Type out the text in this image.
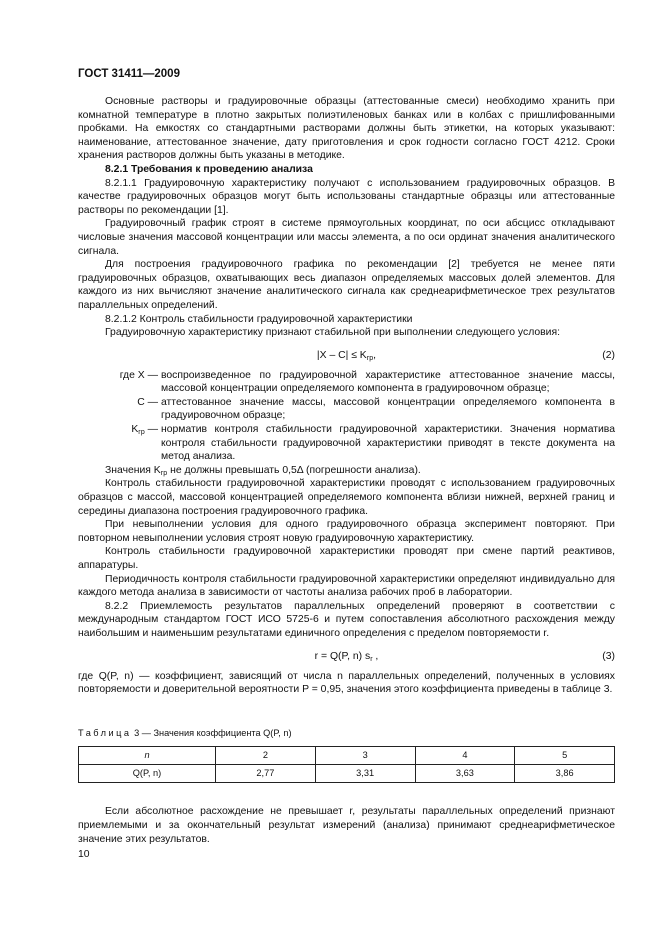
ГОСТ 31411—2009

Основные растворы и градуировочные образцы (аттестованные смеси) необходимо хранить при комнатной температуре в плотно закрытых полиэтиленовых банках или в колбах с пришлифованными пробками. На емкостях со стандартными растворами должны быть этикетки, на которых указывают: наименование, аттестованное значение, дату приготовления и срок годности согласно ГОСТ 4212. Сроки хранения растворов должны быть указаны в методике.

8.2.1 Требования к проведению анализа

8.2.1.1 Градуировочную характеристику получают с использованием градуировочных образцов. В качестве градуировочных образцов могут быть использованы стандартные образцы или аттестованные растворы по рекомендации [1].

Градуировочный график строят в системе прямоугольных координат, по оси абсцисс откладывают числовые значения массовой концентрации или массы элемента, а по оси ординат значения аналитического сигнала.

Для построения градуировочного графика по рекомендации [2] требуется не менее пяти градуировочных образцов, охватывающих весь диапазон определяемых массовых долей элементов. Для каждого из них вычисляют значение аналитического сигнала как среднеарифметическое трех результатов параллельных определений.

8.2.1.2 Контроль стабильности градуировочной характеристики

Градуировочную характеристику признают стабильной при выполнении следующего условия:

$|X - C| \le K_{гр}$,	(2)
где X — воспроизведенное по градуировочной характеристике аттестованное значение массы, массовой концентрации определяемого компонента в градуировочном образце;
C — аттестованное значение массы, массовой концентрации определяемого компонента в градуировочном образце;
$K_{гр}$ — норматив контроля стабильности градуировочной характеристики. Значения норматива контроля стабильности градуировочной характеристики приводят в тексте документа на метод анализа.

Значения $K_{гр}$ не должны превышать 0,5Δ (погрешности анализа).

Контроль стабильности градуировочной характеристики проводят с использованием градуировочных образцов с массой, массовой концентрацией определяемого компонента вблизи нижней, верхней границ и середины диапазона построения градуировочного графика.

При невыполнении условия для одного градуировочного образца эксперимент повторяют. При повторном невыполнении условия строят новую градуировочную характеристику.

Контроль стабильности градуировочной характеристики проводят при смене партий реактивов, аппаратуры.

Периодичность контроля стабильности градуировочной характеристики определяют индивидуально для каждого метода анализа в зависимости от частоты анализа рабочих проб в лаборатории.

8.2.2 Приемлемость результатов параллельных определений проверяют в соответствии с международным стандартом ГОСТ ИСО 5725-6 и путем сопоставления абсолютного расхождения между наибольшим и наименьшим результатами единичного определения с пределом повторяемости r.

r = Q(P, n) $s_r$ ,	(3)

где Q(P, n) — коэффициент, зависящий от числа n параллельных определений, полученных в условиях повторяемости и доверительной вероятности P = 0,95, значения этого коэффициента приведены в таблице 3.

Таблица 3 — Значения коэффициента Q(P, n)
n	2	3	4	5
Q(P, n)	2,77	3,31	3,63	3,86

Если абсолютное расхождение не превышает r, результаты параллельных определений признают приемлемыми и за окончательный результат измерений (анализа) принимают среднеарифметическое значение этих результатов.

10
